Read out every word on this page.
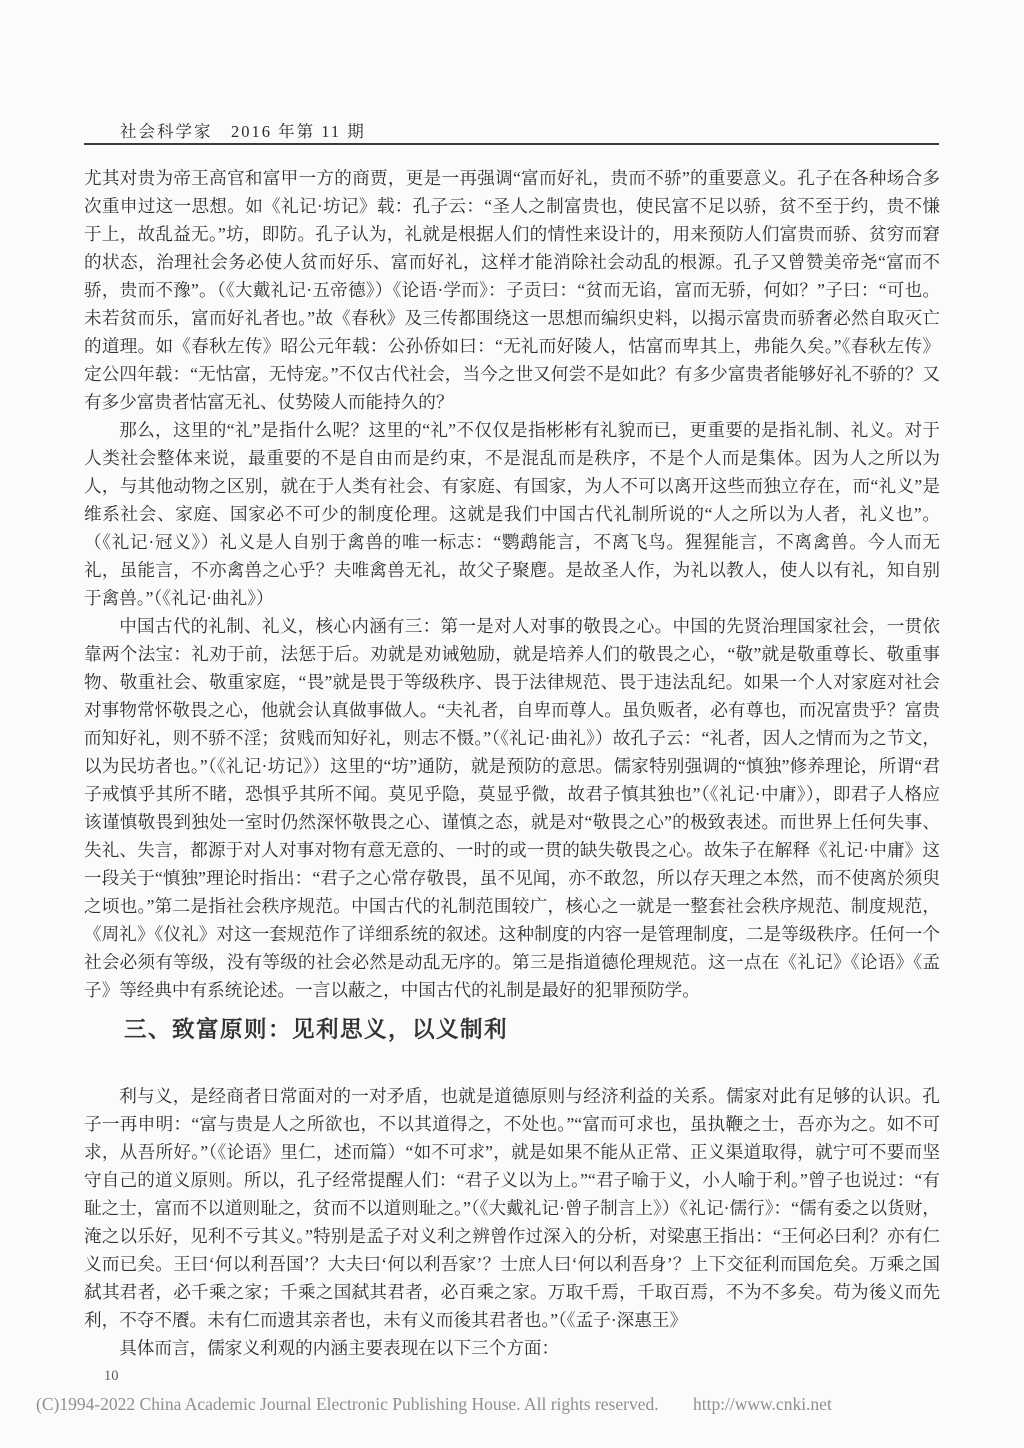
社会科学家　2016 年第 11 期

尤其对贵为帝王高官和富甲一方的商贾，更是一再强调“富而好礼，贵而不骄”的重要意义。孔子在各种场合多次重申过这一思想。如《礼记·坊记》载：孔子云：“圣人之制富贵也，使民富不足以骄，贫不至于约，贵不慊于上，故乱益无。”坊，即防。孔子认为，礼就是根据人们的情性来设计的，用来预防人们富贵而骄、贫穷而窘的状态，治理社会务必使人贫而好乐、富而好礼，这样才能消除社会动乱的根源。孔子又曾赞美帝尧“富而不骄，贵而不豫”。（《大戴礼记·五帝德》）《论语·学而》：子贡曰：“贫而无谄，富而无骄，何如？”子曰：“可也。未若贫而乐，富而好礼者也。”故《春秋》及三传都围绕这一思想而编织史料，以揭示富贵而骄奢必然自取灭亡的道理。如《春秋左传》昭公元年载：公孙侨如曰：“无礼而好陵人，怙富而卑其上，弗能久矣。”《春秋左传》定公四年载：“无怙富，无恃宠。”不仅古代社会，当今之世又何尝不是如此？有多少富贵者能够好礼不骄的？又有多少富贵者怙富无礼、仗势陵人而能持久的？

那么，这里的“礼”是指什么呢？这里的“礼”不仅仅是指彬彬有礼貌而已，更重要的是指礼制、礼义。对于人类社会整体来说，最重要的不是自由而是约束，不是混乱而是秩序，不是个人而是集体。因为人之所以为人，与其他动物之区别，就在于人类有社会、有家庭、有国家，为人不可以离开这些而独立存在，而“礼义”是维系社会、家庭、国家必不可少的制度伦理。这就是我们中国古代礼制所说的“人之所以为人者，礼义也”。（《礼记·冠义》）礼义是人自别于禽兽的唯一标志：“鹦鹉能言，不离飞鸟。猩猩能言，不离禽兽。今人而无礼，虽能言，不亦禽兽之心乎？夫唯禽兽无礼，故父子聚麀。是故圣人作，为礼以教人，使人以有礼，知自别于禽兽。”（《礼记·曲礼》）

中国古代的礼制、礼义，核心内涵有三：第一是对人对事的敬畏之心。中国的先贤治理国家社会，一贯依靠两个法宝：礼劝于前，法惩于后。劝就是劝诫勉励，就是培养人们的敬畏之心，“敬”就是敬重尊长、敬重事物、敬重社会、敬重家庭，“畏”就是畏于等级秩序、畏于法律规范、畏于违法乱纪。如果一个人对家庭对社会对事物常怀敬畏之心，他就会认真做事做人。“夫礼者，自卑而尊人。虽负贩者，必有尊也，而况富贵乎？富贵而知好礼，则不骄不淫；贫贱而知好礼，则志不慑。”（《礼记·曲礼》）故孔子云：“礼者，因人之情而为之节文，以为民坊者也。”（《礼记·坊记》）这里的“坊”通防，就是预防的意思。儒家特别强调的“慎独”修养理论，所谓“君子戒慎乎其所不睹，恐惧乎其所不闻。莫见乎隐，莫显乎微，故君子慎其独也”（《礼记·中庸》），即君子人格应该谨慎敬畏到独处一室时仍然深怀敬畏之心、谨慎之态，就是对“敬畏之心”的极致表述。而世界上任何失事、失礼、失言，都源于对人对事对物有意无意的、一时的或一贯的缺失敬畏之心。故朱子在解释《礼记·中庸》这一段关于“慎独”理论时指出：“君子之心常存敬畏，虽不见闻，亦不敢忽，所以存天理之本然，而不使离於须臾之顷也。”第二是指社会秩序规范。中国古代的礼制范围较广，核心之一就是一整套社会秩序规范、制度规范，《周礼》《仪礼》对这一套规范作了详细系统的叙述。这种制度的内容一是管理制度，二是等级秩序。任何一个社会必须有等级，没有等级的社会必然是动乱无序的。第三是指道德伦理规范。这一点在《礼记》《论语》《孟子》等经典中有系统论述。一言以蔽之，中国古代的礼制是最好的犯罪预防学。

三、致富原则：见利思义，以义制利

利与义，是经商者日常面对的一对矛盾，也就是道德原则与经济利益的关系。儒家对此有足够的认识。孔子一再申明：“富与贵是人之所欲也，不以其道得之，不处也。”“富而可求也，虽执鞭之士，吾亦为之。如不可求，从吾所好。”（《论语》里仁，述而篇）“如不可求”，就是如果不能从正常、正义渠道取得，就宁可不要而坚守自己的道义原则。所以，孔子经常提醒人们：“君子义以为上。”“君子喻于义，小人喻于利。”曾子也说过：“有耻之士，富而不以道则耻之，贫而不以道则耻之。”（《大戴礼记·曾子制言上》）《礼记·儒行》：“儒有委之以货财，淹之以乐好，见利不亏其义。”特别是孟子对义利之辨曾作过深入的分析，对梁惠王指出：“王何必曰利？亦有仁义而已矣。王曰‘何以利吾国’？大夫曰‘何以利吾家’？士庶人曰‘何以利吾身’？上下交征利而国危矣。万乘之国弑其君者，必千乘之家；千乘之国弑其君者，必百乘之家。万取千焉，千取百焉，不为不多矣。苟为後义而先利，不夺不餍。未有仁而遗其亲者也，未有义而後其君者也。”（《孟子·深惠王》

具体而言，儒家义利观的内涵主要表现在以下三个方面：

10
(C)1994-2022 China Academic Journal Electronic Publishing House. All rights reserved. http://www.cnki.net
